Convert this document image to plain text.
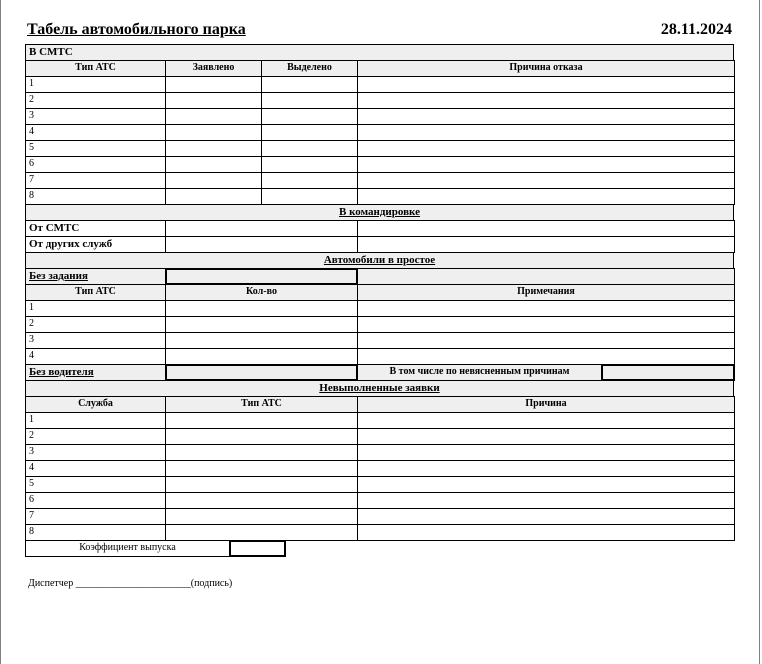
Табель автомобильного парка	28.11.2024
В СМТС
Тип АТС	Заявлено	Выделено	Причина отказа
1
2
3
4
5
6
7
8
В командировке
От СМТС
От других служб
Автомобили в простое
Без задания
Тип АТС	Кол-во	Примечания
1
2
3
4
Без водителя	В том числе по невясненным причинам
Невыполненные заявки
Служба	Тип АТС	Причина
1
2
3
4
5
6
7
8
Коэффициент выпуска
Диспетчер _______________________(подпись)
